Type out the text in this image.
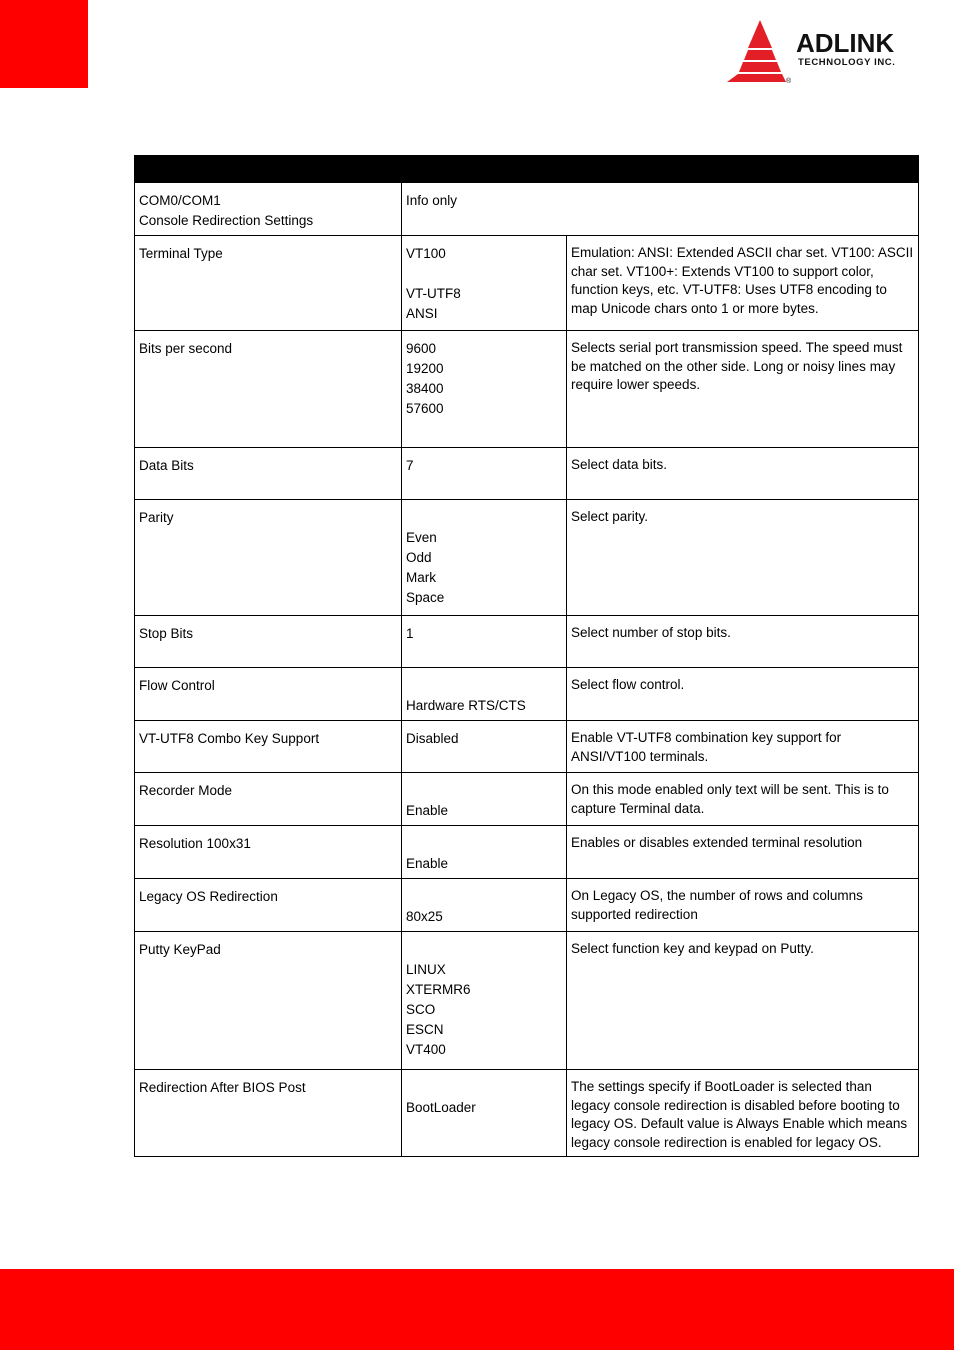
ADLINK
TECHNOLOGY INC.
®

COM0/COM1
Console Redirection Settings	Info only	

Terminal Type	VT100
VT-UTF8
ANSI	Emulation: ANSI: Extended ASCII char set. VT100: ASCII char set. VT100+: Extends VT100 to support color, function keys, etc. VT-UTF8: Uses UTF8 encoding to map Unicode chars onto 1 or more bytes.

Bits per second	9600
19200
38400
57600	Selects serial port transmission speed. The speed must be matched on the other side. Long or noisy lines may require lower speeds.

Data Bits	7	Select data bits.

Parity	Even
Odd
Mark
Space	Select parity.

Stop Bits	1	Select number of stop bits.

Flow Control	Hardware RTS/CTS	Select flow control.

VT-UTF8 Combo Key Support	Disabled	Enable VT-UTF8 combination key support for ANSI/VT100 terminals.

Recorder Mode	Enable	On this mode enabled only text will be sent. This is to capture Terminal data.

Resolution 100x31	Enable	Enables or disables extended terminal resolution

Legacy OS Redirection	80x25	On Legacy OS, the number of rows and columns supported redirection

Putty KeyPad	LINUX
XTERMR6
SCO
ESCN
VT400	Select function key and keypad on Putty.

Redirection After BIOS Post	BootLoader	The settings specify if BootLoader is selected than legacy console redirection is disabled before booting to legacy OS. Default value is Always Enable which means legacy console redirection is enabled for legacy OS.
